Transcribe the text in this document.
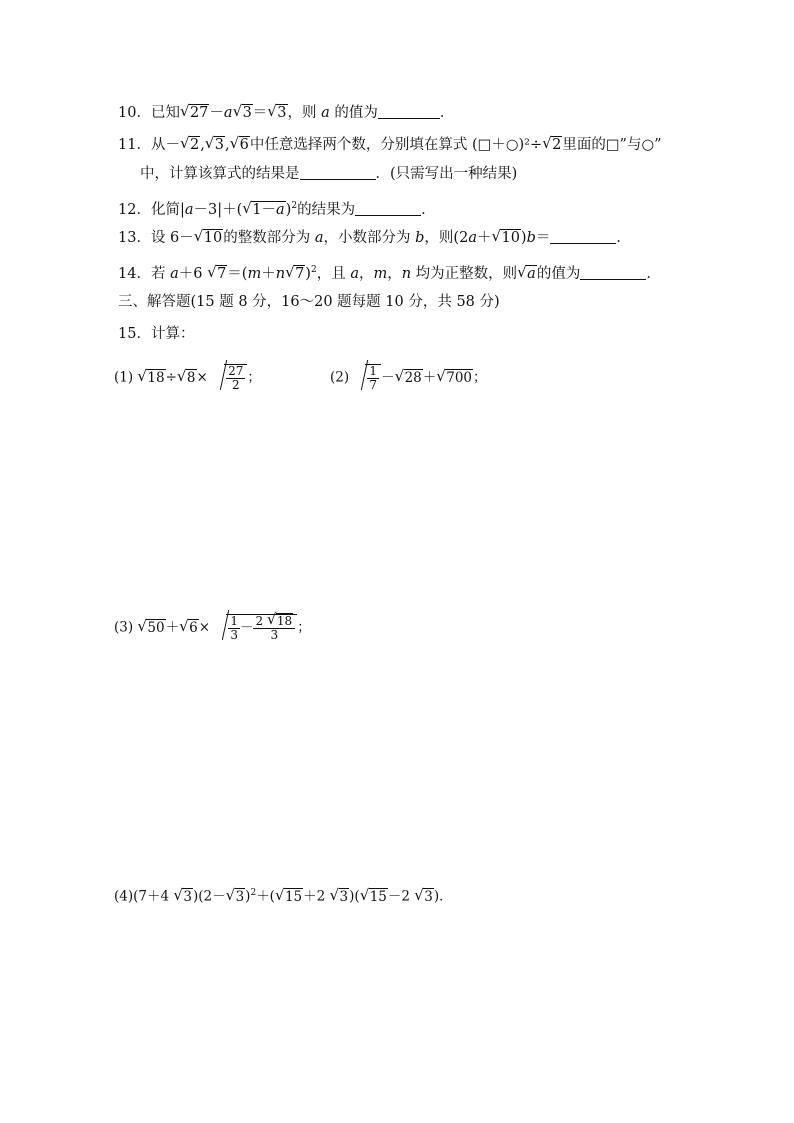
10．已知 √ 27－a √ 3＝ √ 3，则 a 的值为	．
11．从－ √ 2, √ 3, √ 6中任意选择两个数，分别填在算式 (□＋○)²÷ √ 2里面的□”与○”
中，计算该算式的结果是	．(只需写出一种结果)
12．化简|a－3|＋( √ 1－a)$^2$的结果为	．
13．设 6－ √ 10的整数部分为 a，小数部分为 b，则(2a＋ √ 10)b＝	．
14．若 a＋6 √ 7＝(m＋n √ 7)$^2$，且 a，m，n 均为正整数，则 √ a的值为	．
三、解答题(15 题 8 分，16～20 题每题 10 分，共 58 分)
15．计算：
(1) √ 18÷ √ $8\times \frac{27}{2}$ ；	$(2) \frac{1}{7}$ － √ 28＋ √ 700；
(3) √ 50＋ √ $6\times \frac{1}{3} - \frac{2 √ 18}{3}$ ；
(4)(7＋4 √ 3)(2－ √ 3)$^2$＋( √ 15＋2 √ 3)( √ 15－2 √ 3)．
